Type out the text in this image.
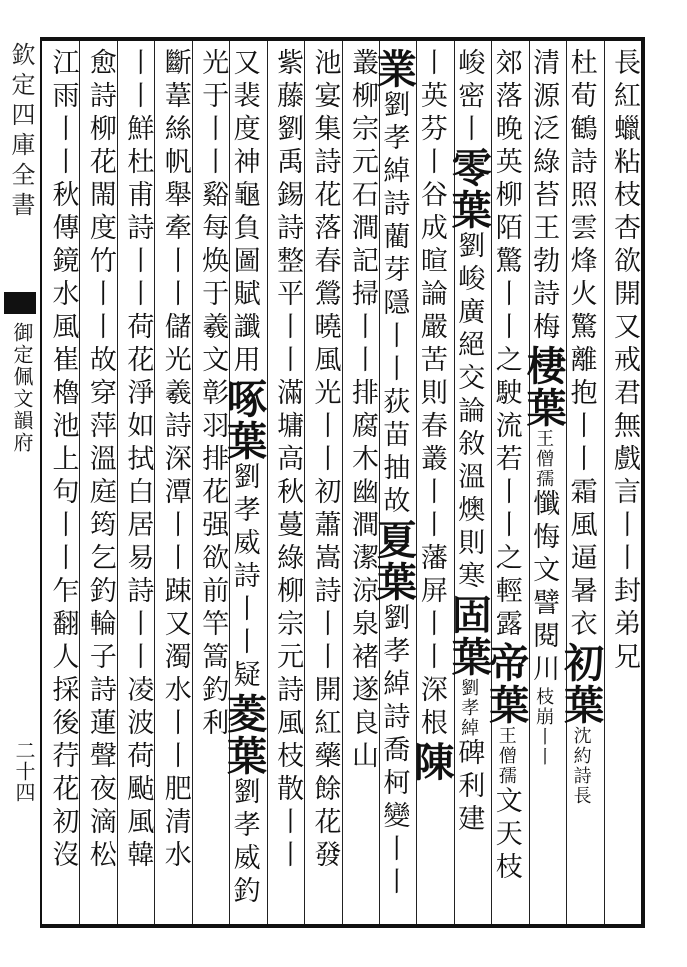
長紅蠟粘枝杏欲開又戒君無戲言丨丨封弟兄
杜荀鶴詩照雲烽火驚離抱丨丨霜風逼暑衣初葉沈約詩長
清源泛綠苔王勃詩梅棲葉王僧孺懺悔文譬閱川枝崩丨丨
郊落晚英柳陌驚丨丨之駛流若丨丨之輕露帝葉王僧孺文天枝
峻密丨零葉劉峻廣絕交論敘溫燠則寒固葉劉孝綽碑利建
丨英芬丨谷成暄論嚴苦則春叢丨丨藩屏丨丨深根陳
業劉孝綽詩藺芽隱丨丨荻苗抽故夏葉劉孝綽詩喬柯變丨丨
叢柳宗元石澗記掃丨丨排腐木幽澗潔涼泉褚遂良山
池宴集詩花落春鶯曉風光丨丨初蕭嵩詩丨丨開紅藥餘花發
紫藤劉禹錫詩整平丨丨滿墉高秋蔓綠柳宗元詩風枝散丨丨
又裴度神龜負圖賦讖用啄葉劉孝威詩丨丨疑菱葉劉孝威釣
光于丨丨谿每焕于羲文彰羽排花强欲前竿篙釣利
斷葦絲帆舉牽丨丨儲光羲詩深潭丨丨踈又濁水丨丨肥清水
丨丨鮮杜甫詩丨丨荷花淨如拭白居易詩丨丨凌波荷颭風韓
愈詩柳花閙度竹丨丨故穿萍溫庭筠乞釣輪子詩蓮聲夜滴松
江雨丨丨秋傳鏡水風崔櫓池上句丨丨乍翻人採後荇花初沒
欽定四庫全書
御定佩文韻府
二十四
